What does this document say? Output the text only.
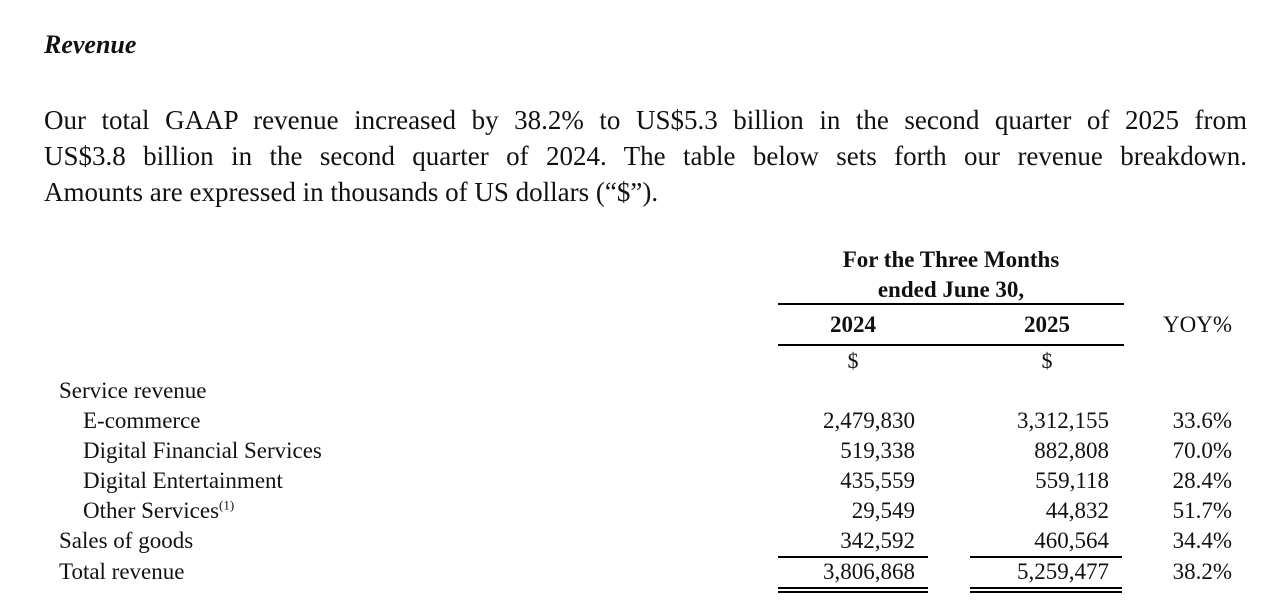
Revenue
Our total GAAP revenue increased by 38.2% to US$5.3 billion in the second quarter of 2025 from
US$3.8 billion in the second quarter of 2024. The table below sets forth our revenue breakdown.
Amounts are expressed in thousands of US dollars (“$”).
For the Three Months
ended June 30,
2024	2025	YOY%
$	$
Service revenue
E-commerce	2,479,830	3,312,155	33.6%
Digital Financial Services	519,338	882,808	70.0%
Digital Entertainment	435,559	559,118	28.4%
Other Services$^{(1)}$	29,549	44,832	51.7%
Sales of goods	342,592	460,564	34.4%
Total revenue	3,806,868	5,259,477	38.2%
